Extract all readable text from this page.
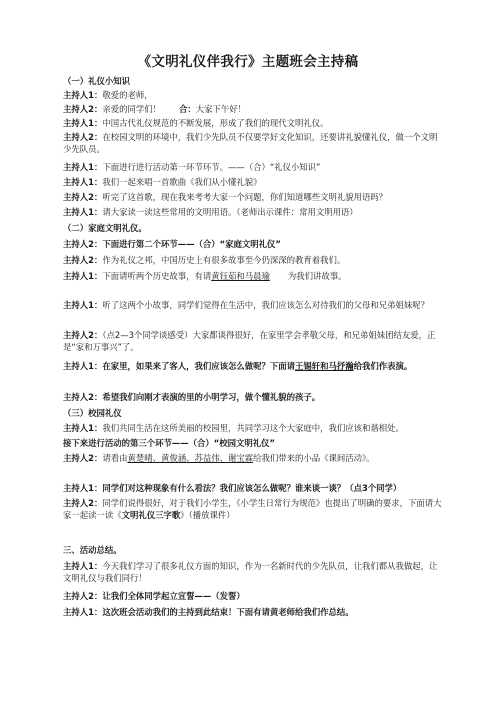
《文明礼仪伴我行》主题班会主持稿
（一）礼仪小知识
主持人1：敬爱的老师，
主持人2：亲爱的同学们！ 合：大家下午好！
主持人1：中国古代礼仪规范的不断发展，形成了我们的现代文明礼仪。
主持人2：在校园文明的环境中，我们少先队员不仅要学好文化知识，还要讲礼貌懂礼仪，做一个文明少先队员。
主持人1：下面进行进行活动第一环节环节。——（合）“礼仪小知识”
主持人1：我们一起来唱一首歌曲《我们从小懂礼貌》
主持人2：听完了这首歌，现在我来考考大家一个问题，你们知道哪些文明礼貌用语吗？
主持人1：请大家读一读这些常用的文明用语。（老师出示课件：常用文明用语）
（二）家庭文明礼仪。
主持人2：下面进行第二个环节——（合）“家庭文明礼仪”
主持人2：作为礼仪之邦，中国历史上有很多故事至今仍深深的教育着我们。
主持人1：下面请听两个历史故事，有请黄钰茹和马晨瑜 为我们讲故事。
主持人1：听了这两个小故事，同学们觉得在生活中，我们应该怎么对待我们的父母和兄弟姐妹呢？
主持人2：（点2—3个同学谈感受）大家都谈得很好，在家里学会孝敬父母，和兄弟姐妹团结友爱，正是“家和万事兴”了。
主持人1：在家里，如果来了客人，我们应该怎么做呢？下面请王锡轩和马抒瀚给我们作表演。
主持人2：希望我们向刚才表演的里的小明学习，做个懂礼貌的孩子。
（三）校园礼仪
主持人1：我们共同生活在这所美丽的校园里，共同学习这个大家庭中，我们应该和谐相处。
接下来进行活动的第三个环节——（合）“校园文明礼仪”
主持人2：请看由黄楚晴、黄俊涵、苏益伟、谢宝霖给我们带来的小品《课间活动》。
主持人1：同学们对这种现象有什么看法？我们应该怎么做呢？谁来谈一谈？（点3个同学）
主持人2：同学们说得很好，对于我们小学生，《小学生日常行为规范》也提出了明确的要求，下面请大家一起读一读《文明礼仪三字歌》（播放课件）
三、活动总结。
主持人1：今天我们学习了很多礼仪方面的知识，作为一名新时代的少先队员，让我们都从我做起，让文明礼仪与我们同行！
主持人2：让我们全体同学起立宣誓——（发誓）
主持人1：这次班会活动我们的主持到此结束！下面有请黄老师给我们作总结。
